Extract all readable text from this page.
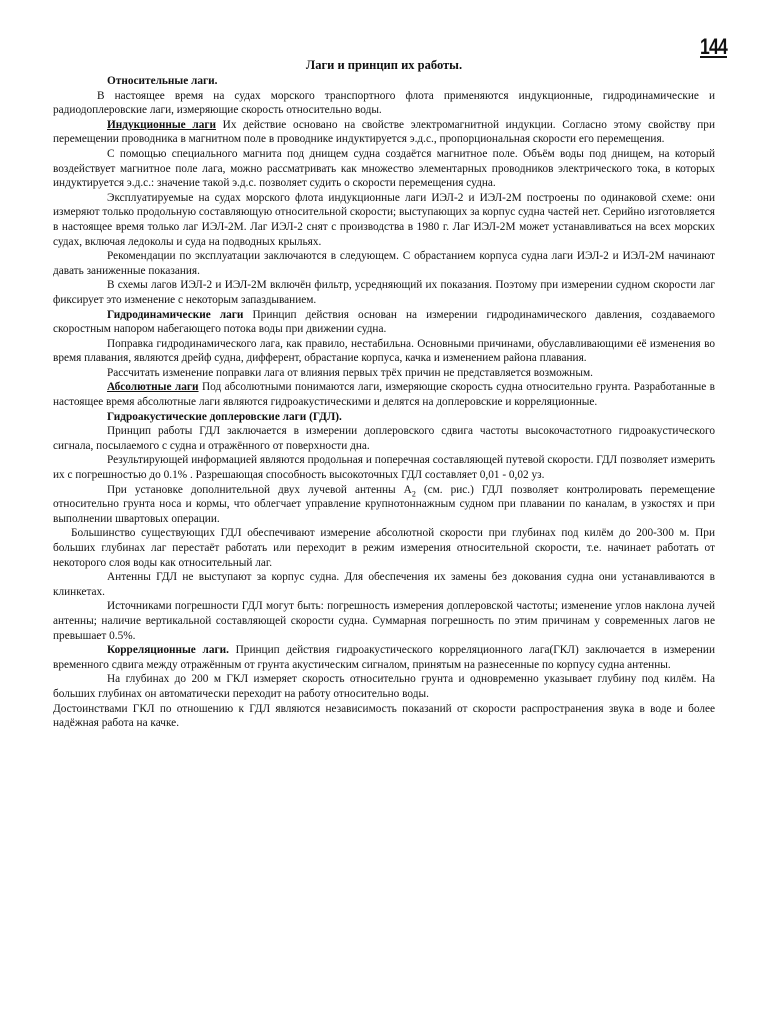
144

Лаги и принцип их работы.

Относительные лаги.

В настоящее время на судах морского транспортного флота применяются индукционные, гидродинамические и радиодоплеровские лаги, измеряющие скорость относительно воды.

Индукционные лаги Их действие основано на свойстве электромагнитной индукции. Согласно этому свойству при перемещении проводника в магнитном поле в проводнике индуктируется э.д.с., пропорциональная скорости его перемещения.

С помощью специального магнита под днищем судна создаётся магнитное поле. Объём воды под днищем, на который воздействует магнитное поле лага, можно рассматривать как множество элементарных проводников электрического тока, в которых индуктируется э.д.с.: значение такой э.д.с. позволяет судить о скорости перемещения судна.

Эксплуатируемые на судах морского флота индукционные лаги ИЭЛ-2 и ИЭЛ-2М построены по одинаковой схеме: они измеряют только продольную составляющую относительной скорости; выступающих за корпус судна частей нет. Серийно изготовляется в настоящее время только лаг ИЭЛ-2М. Лаг ИЭЛ-2 снят с производства в 1980 г. Лаг ИЭЛ-2М может устанавливаться на всех морских судах, включая ледоколы и суда на подводных крыльях.

Рекомендации по эксплуатации заключаются в следующем. С обрастанием корпуса судна лаги ИЭЛ-2 и ИЭЛ-2М начинают давать заниженные показания.

В схемы лагов ИЭЛ-2 и ИЭЛ-2М включён фильтр, усредняющий их показания. Поэтому при измерении судном скорости лаг фиксирует это изменение с некоторым запаздыванием.

Гидродинамические лаги Принцип действия основан на измерении гидродинамического давления, создаваемого скоростным напором набегающего потока воды при движении судна.

Поправка гидродинамического лага, как правило, нестабильна. Основными причинами, обуславливающими её изменения во время плавания, являются дрейф судна, дифферент, обрастание корпуса, качка и изменением района плавания.

Рассчитать изменение поправки лага от влияния первых трёх причин не представляется возможным.

Абсолютные лаги Под абсолютными понимаются лаги, измеряющие скорость судна относительно грунта. Разработанные в настоящее время абсолютные лаги являются гидроакустическими и делятся на доплеровские и корреляционные.

Гидроакустические доплеровские лаги (ГДЛ).

Принцип работы ГДЛ заключается в измерении доплеровского сдвига частоты высокочастотного гидроакустического сигнала, посылаемого с судна и отражённого от поверхности дна.

Результирующей информацией являются продольная и поперечная составляющей путевой скорости. ГДЛ позволяет измерить их с погрешностью до 0.1% . Разрешающая способность высокоточных ГДЛ составляет 0,01 - 0,02 уз.

При установке дополнительной двух лучевой антенны $А_2$ (см. рис.) ГДЛ позволяет контролировать перемещение относительно грунта носа и кормы, что облегчает управление крупнотоннажным судном при плавании по каналам, в узкостях и при выполнении швартовых операции.

Большинство существующих ГДЛ обеспечивают измерение абсолютной скорости при глубинах под килём до 200-300 м. При больших глубинах лаг перестаёт работать или переходит в режим измерения относительной скорости, т.е. начинает работать от некоторого слоя воды как относительный лаг.

Антенны ГДЛ не выступают за корпус судна. Для обеспечения их замены без докования судна они устанавливаются в клинкетах.

Источниками погрешности ГДЛ могут быть: погрешность измерения доплеровской частоты; изменение углов наклона лучей антенны; наличие вертикальной составляющей скорости судна. Суммарная погрешность по этим причинам у современных лагов не превышает 0.5%.

Корреляционные лаги. Принцип действия гидроакустического корреляционного лага(ГКЛ) заключается в измерении временного сдвига между отражённым от грунта акустическим сигналом, принятым на разнесенные по корпусу судна антенны.

На глубинах до 200 м ГКЛ измеряет скорость относительно грунта и одновременно указывает глубину под килём. На больших глубинах он автоматически переходит на работу относительно воды.

Достоинствами ГКЛ по отношению к ГДЛ являются независимость показаний от скорости распространения звука в воде и более надёжная работа на качке.
